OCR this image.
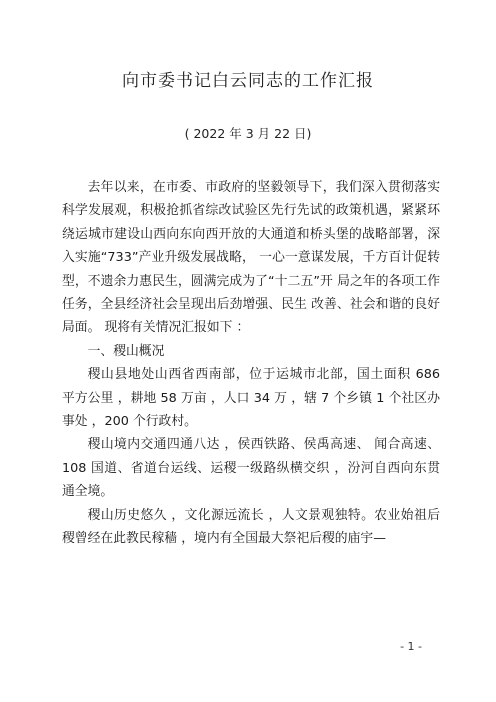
向市委书记白云同志的工作汇报
( 2022 年 3 月 22 日)

去年以来，在市委、市政府的坚毅领导下，我们深入贯彻落实科学发展观，积极抢抓省综改试验区先行先试的政策机遇，紧紧环绕运城市建设山西向东向西开放的大通道和桥头堡的战略部署，深入实施“733”产业升级发展战略， 一心一意谋发展，千方百计促转型，不遗余力惠民生，圆满完成为了“十二五”开 局之年的各项工作任务，全县经济社会呈现出后劲增强、民生 改善、社会和谐的良好局面。 现将有关情况汇报如下 ：

一、稷山概况

稷山县地处山西省西南部，位于运城市北部，国土面积 686 平方公里 ，耕地 58 万亩 ，人口 34 万 ，辖 7 个乡镇 1 个社区办事处 ，200 个行政村。

稷山境内交通四通八达 ，侯西铁路、侯禹高速、 闻合高速、108 国道、省道台运线、运稷一级路纵横交织 ，汾河自西向东贯通全境。

稷山历史悠久 ，文化源远流长 ，人文景观独特。农业始祖后稷曾经在此教民稼穑 ，境内有全国最大祭祀后稷的庙宇—

- 1 -
